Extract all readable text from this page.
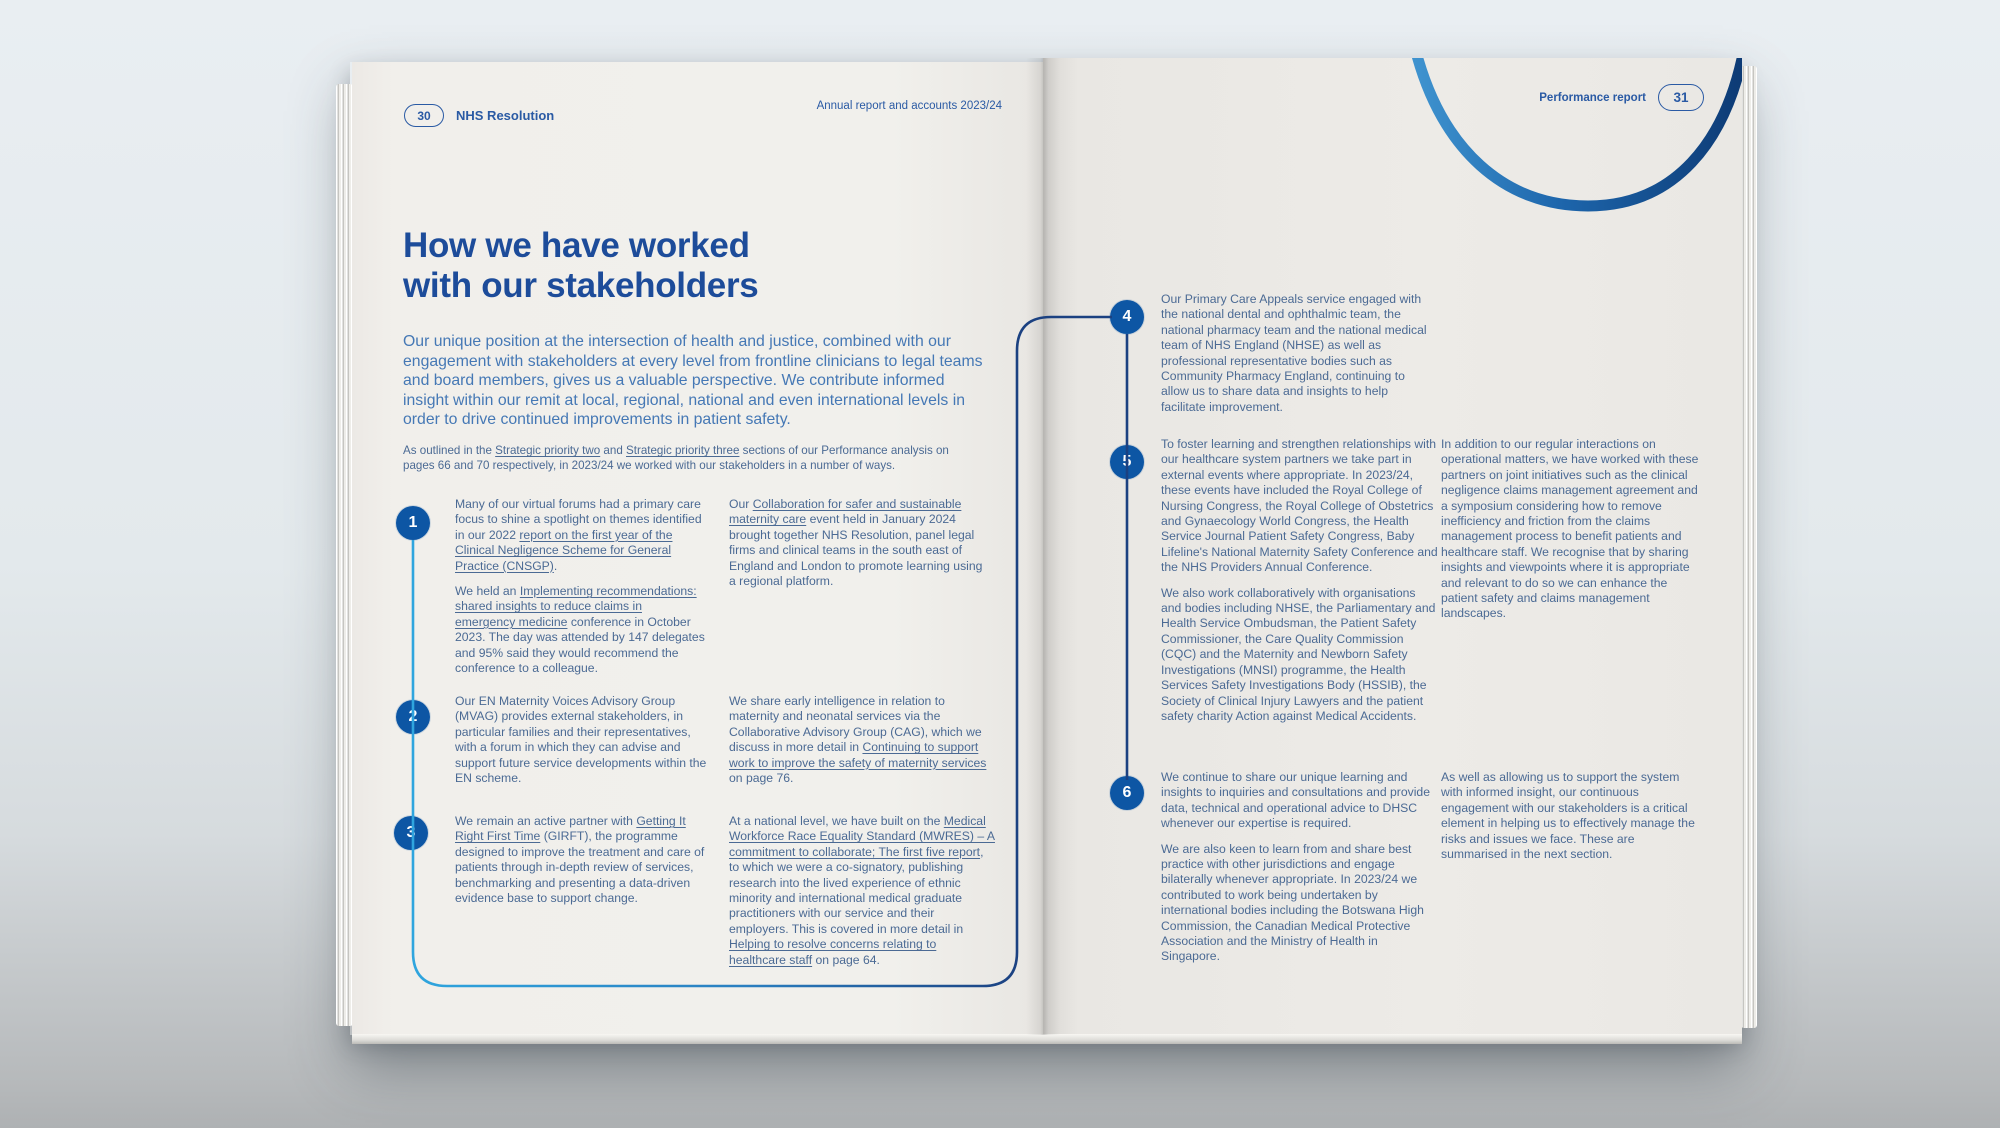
30 NHS Resolution
Annual report and accounts 2023/24
Performance report 31
How we have worked
with our stakeholders
Our unique position at the intersection of health and justice, combined with our engagement with stakeholders at every level from frontline clinicians to legal teams and board members, gives us a valuable perspective. We contribute informed insight within our remit at local, regional, national and even international levels in order to drive continued improvements in patient safety.
As outlined in the Strategic priority two and Strategic priority three sections of our Performance analysis on pages 66 and 70 respectively, in 2023/24 we worked with our stakeholders in a number of ways.
1
2
3
4
5
6

Many of our virtual forums had a primary care focus to shine a spotlight on themes identified in our 2022 report on the first year of the Clinical Negligence Scheme for General Practice (CNSGP).

We held an Implementing recommendations: shared insights to reduce claims in emergency medicine conference in October 2023. The day was attended by 147 delegates and 95% said they would recommend the conference to a colleague.

Our Collaboration for safer and sustainable maternity care event held in January 2024 brought together NHS Resolution, panel legal firms and clinical teams in the south east of England and London to promote learning using a regional platform.

Our EN Maternity Voices Advisory Group (MVAG) provides external stakeholders, in particular families and their representatives, with a forum in which they can advise and support future service developments within the EN scheme.

We share early intelligence in relation to maternity and neonatal services via the Collaborative Advisory Group (CAG), which we discuss in more detail in Continuing to support work to improve the safety of maternity services on page 76.

We remain an active partner with Getting It Right First Time (GIRFT), the programme designed to improve the treatment and care of patients through in-depth review of services, benchmarking and presenting a data-driven evidence base to support change.

At a national level, we have built on the Medical Workforce Race Equality Standard (MWRES) – A commitment to collaborate; The first five report, to which we were a co-signatory, publishing research into the lived experience of ethnic minority and international medical graduate practitioners with our service and their employers. This is covered in more detail in Helping to resolve concerns relating to healthcare staff on page 64.

Our Primary Care Appeals service engaged with the national dental and ophthalmic team, the national pharmacy team and the national medical team of NHS England (NHSE) as well as professional representative bodies such as Community Pharmacy England, continuing to allow us to share data and insights to help facilitate improvement.

To foster learning and strengthen relationships with our healthcare system partners we take part in external events where appropriate. In 2023/24, these events have included the Royal College of Nursing Congress, the Royal College of Obstetrics and Gynaecology World Congress, the Health Service Journal Patient Safety Congress, Baby Lifeline's National Maternity Safety Conference and the NHS Providers Annual Conference.

We also work collaboratively with organisations and bodies including NHSE, the Parliamentary and Health Service Ombudsman, the Patient Safety Commissioner, the Care Quality Commission (CQC) and the Maternity and Newborn Safety Investigations (MNSI) programme, the Health Services Safety Investigations Body (HSSIB), the Society of Clinical Injury Lawyers and the patient safety charity Action against Medical Accidents.

We continue to share our unique learning and insights to inquiries and consultations and provide data, technical and operational advice to DHSC whenever our expertise is required.

We are also keen to learn from and share best practice with other jurisdictions and engage bilaterally whenever appropriate. In 2023/24 we contributed to work being undertaken by international bodies including the Botswana High Commission, the Canadian Medical Protective Association and the Ministry of Health in Singapore.

In addition to our regular interactions on operational matters, we have worked with these partners on joint initiatives such as the clinical negligence claims management agreement and a symposium considering how to remove inefficiency and friction from the claims management process to benefit patients and healthcare staff. We recognise that by sharing insights and viewpoints where it is appropriate and relevant to do so we can enhance the patient safety and claims management landscapes.

As well as allowing us to support the system with informed insight, our continuous engagement with our stakeholders is a critical element in helping us to effectively manage the risks and issues we face. These are summarised in the next section.
